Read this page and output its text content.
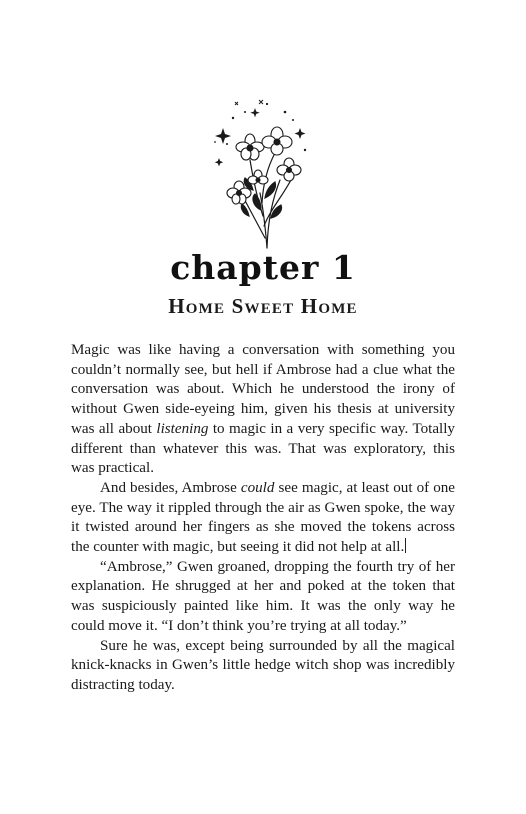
chapter 1
Home Sweet Home

Magic was like having a conversation with something you couldn’t normally see, but hell if Ambrose had a clue what the conversation was about. Which he understood the irony of without Gwen side-eyeing him, given his thesis at university was all about listening to magic in a very specific way. Totally different than whatever this was. That was exploratory, this was practical.

And besides, Ambrose could see magic, at least out of one eye. The way it rippled through the air as Gwen spoke, the way it twisted around her fingers as she moved the tokens across the counter with magic, but seeing it did not help at all.

“Ambrose,” Gwen groaned, dropping the fourth try of her explanation. He shrugged at her and poked at the token that was suspiciously painted like him. It was the only way he could move it. “I don’t think you’re trying at all today.”

Sure he was, except being surrounded by all the magical knick-knacks in Gwen’s little hedge witch shop was incredibly distracting today.
